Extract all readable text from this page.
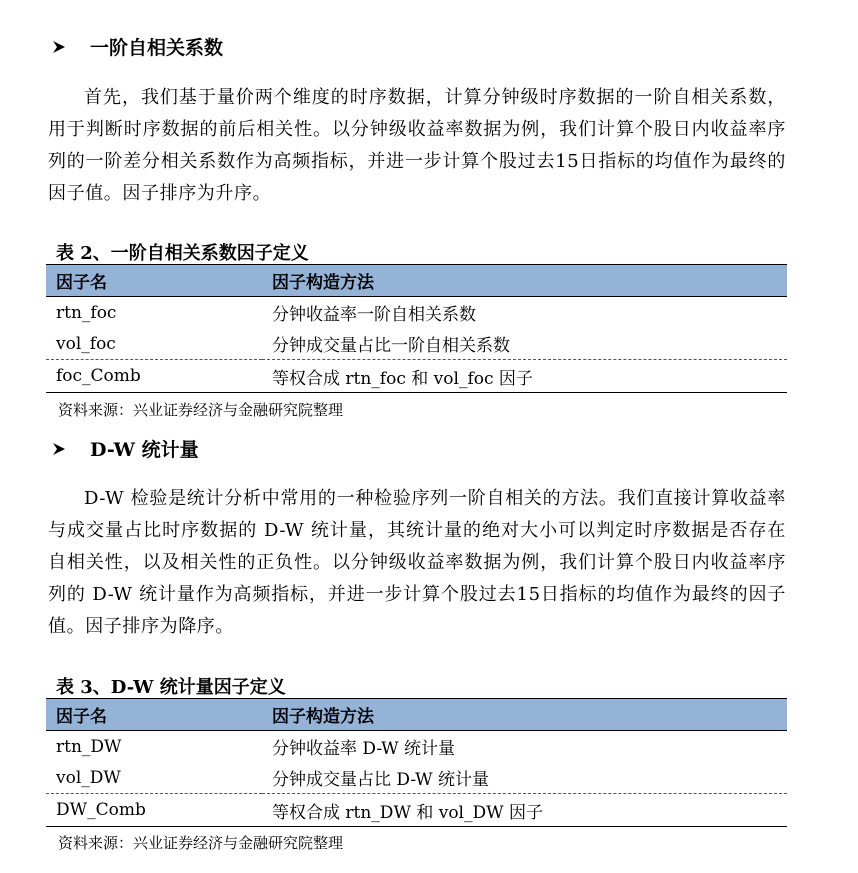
一阶自相关系数

首先，我们基于量价两个维度的时序数据，计算分钟级时序数据的一阶自相关系数，用于判断时序数据的前后相关性。以分钟级收益率数据为例，我们计算个股日内收益率序列的一阶差分相关系数作为高频指标，并进一步计算个股过去15日指标的均值作为最终的因子值。因子排序为升序。

表 2、一阶自相关系数因子定义
因子名	因子构造方法
rtn_foc	分钟收益率一阶自相关系数
vol_foc	分钟成交量占比一阶自相关系数
foc_Comb	等权合成 rtn_foc 和 vol_foc 因子
资料来源：兴业证券经济与金融研究院整理
D-W 统计量

D-W 检验是统计分析中常用的一种检验序列一阶自相关的方法。我们直接计算收益率与成交量占比时序数据的 D-W 统计量，其统计量的绝对大小可以判定时序数据是否存在自相关性，以及相关性的正负性。以分钟级收益率数据为例，我们计算个股日内收益率序列的 D-W 统计量作为高频指标，并进一步计算个股过去15日指标的均值作为最终的因子值。因子排序为降序。

表 3、D-W 统计量因子定义
因子名	因子构造方法
rtn_DW	分钟收益率 D-W 统计量
vol_DW	分钟成交量占比 D-W 统计量
DW_Comb	等权合成 rtn_DW 和 vol_DW 因子
资料来源：兴业证券经济与金融研究院整理
